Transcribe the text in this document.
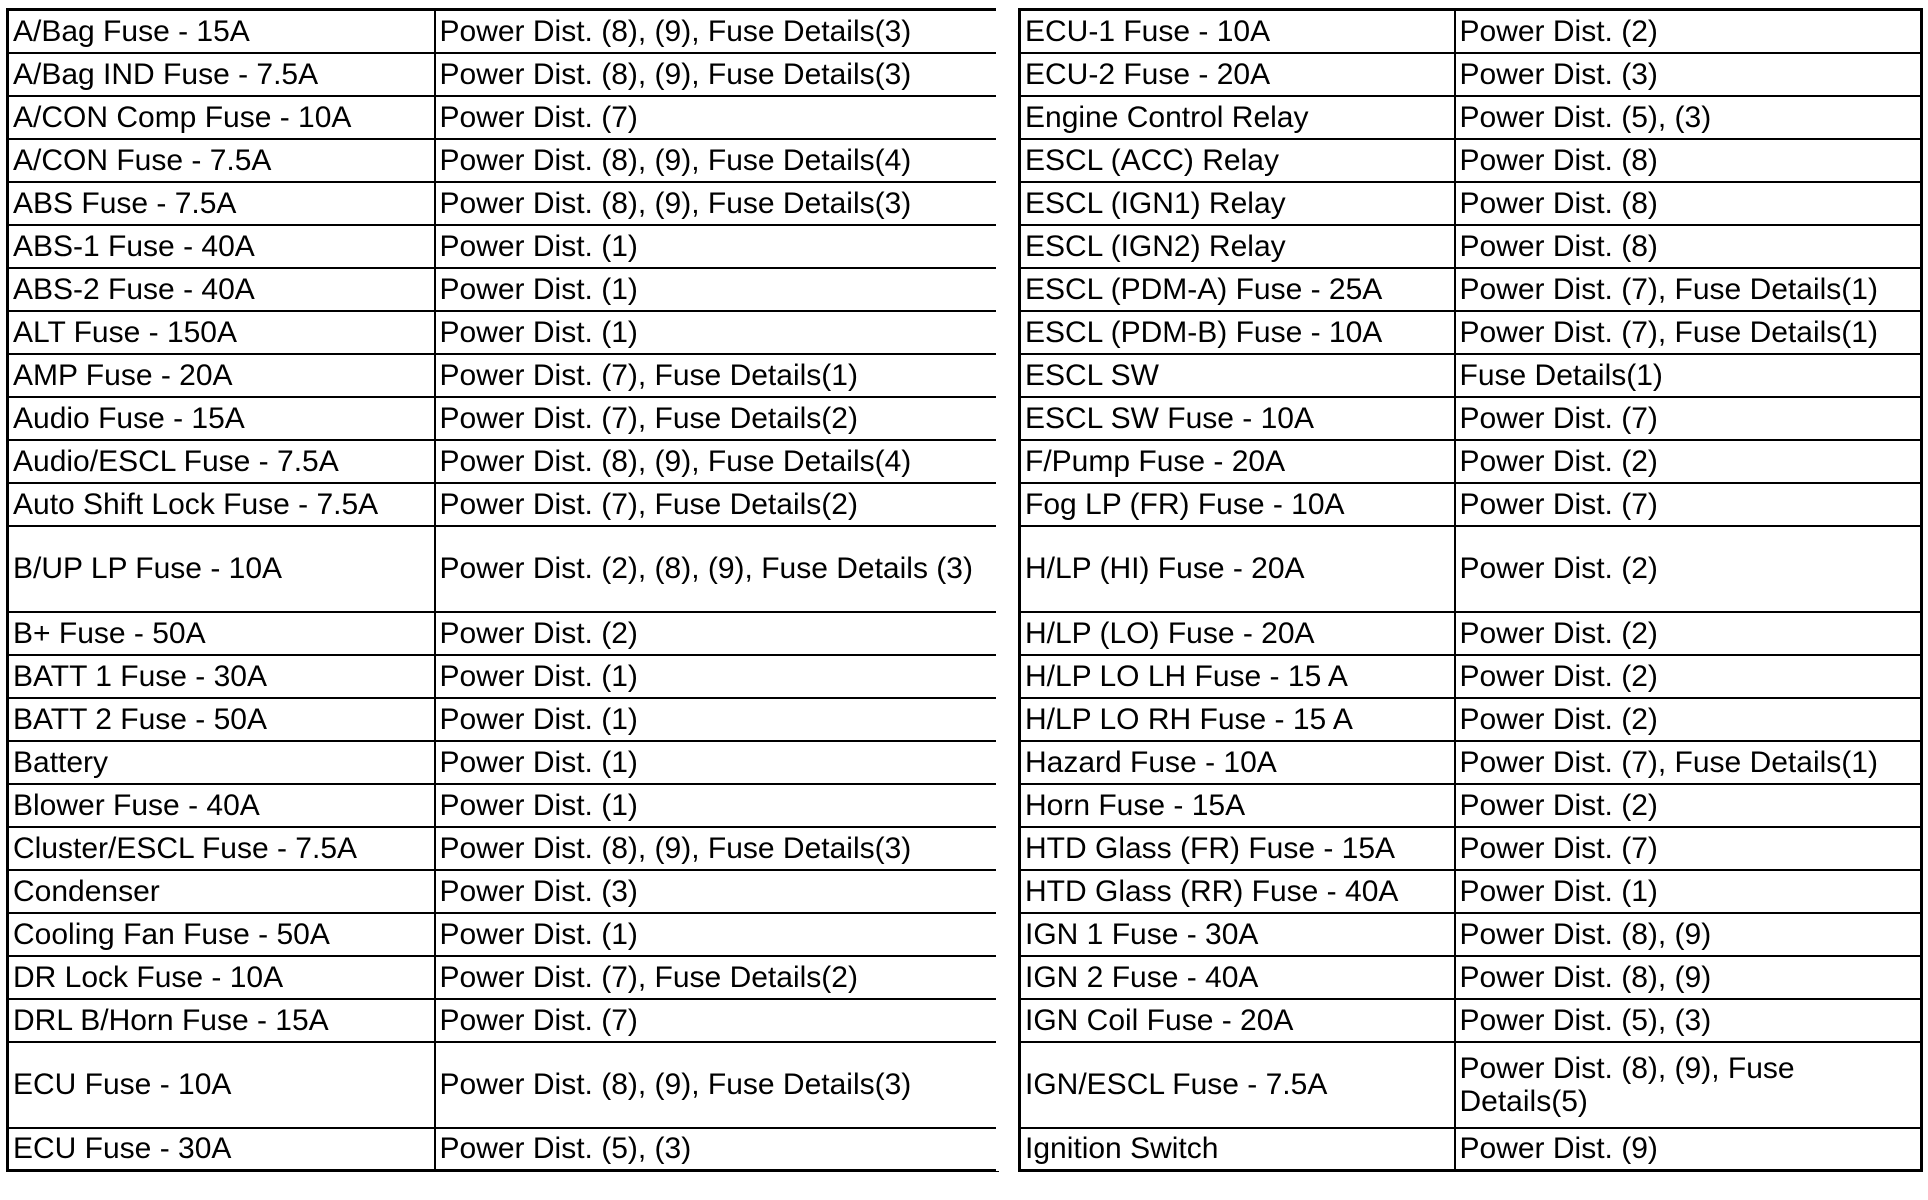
A/Bag Fuse - 15A	Power Dist. (8), (9), Fuse Details(3)
A/Bag IND Fuse - 7.5A	Power Dist. (8), (9), Fuse Details(3)
A/CON Comp Fuse - 10A	Power Dist. (7)
A/CON Fuse - 7.5A	Power Dist. (8), (9), Fuse Details(4)
ABS Fuse - 7.5A	Power Dist. (8), (9), Fuse Details(3)
ABS-1 Fuse - 40A	Power Dist. (1)
ABS-2 Fuse - 40A	Power Dist. (1)
ALT Fuse - 150A	Power Dist. (1)
AMP Fuse - 20A	Power Dist. (7), Fuse Details(1)
Audio Fuse - 15A	Power Dist. (7), Fuse Details(2)
Audio/ESCL Fuse - 7.5A	Power Dist. (8), (9), Fuse Details(4)
Auto Shift Lock Fuse - 7.5A	Power Dist. (7), Fuse Details(2)
B/UP LP Fuse - 10A	Power Dist. (2), (8), (9), Fuse Details (3)
B+ Fuse - 50A	Power Dist. (2)
BATT 1 Fuse - 30A	Power Dist. (1)
BATT 2 Fuse - 50A	Power Dist. (1)
Battery	Power Dist. (1)
Blower Fuse - 40A	Power Dist. (1)
Cluster/ESCL Fuse - 7.5A	Power Dist. (8), (9), Fuse Details(3)
Condenser	Power Dist. (3)
Cooling Fan Fuse - 50A	Power Dist. (1)
DR Lock Fuse - 10A	Power Dist. (7), Fuse Details(2)
DRL B/Horn Fuse - 15A	Power Dist. (7)
ECU Fuse - 10A	Power Dist. (8), (9), Fuse Details(3)
ECU Fuse - 30A	Power Dist. (5), (3)
ECU-1 Fuse - 10A	Power Dist. (2)
ECU-2 Fuse - 20A	Power Dist. (3)
Engine Control Relay	Power Dist. (5), (3)
ESCL (ACC) Relay	Power Dist. (8)
ESCL (IGN1) Relay	Power Dist. (8)
ESCL (IGN2) Relay	Power Dist. (8)
ESCL (PDM-A) Fuse - 25A	Power Dist. (7), Fuse Details(1)
ESCL (PDM-B) Fuse - 10A	Power Dist. (7), Fuse Details(1)
ESCL SW	Fuse Details(1)
ESCL SW Fuse - 10A	Power Dist. (7)
F/Pump Fuse - 20A	Power Dist. (2)
Fog LP (FR) Fuse - 10A	Power Dist. (7)
H/LP (HI) Fuse - 20A	Power Dist. (2)
H/LP (LO) Fuse - 20A	Power Dist. (2)
H/LP LO LH Fuse - 15 A	Power Dist. (2)
H/LP LO RH Fuse - 15 A	Power Dist. (2)
Hazard Fuse - 10A	Power Dist. (7), Fuse Details(1)
Horn Fuse - 15A	Power Dist. (2)
HTD Glass (FR) Fuse - 15A	Power Dist. (7)
HTD Glass (RR) Fuse - 40A	Power Dist. (1)
IGN 1 Fuse - 30A	Power Dist. (8), (9)
IGN 2 Fuse - 40A	Power Dist. (8), (9)
IGN Coil Fuse - 20A	Power Dist. (5), (3)
IGN/ESCL Fuse - 7.5A	Power Dist. (8), (9), Fuse Details(5)
Ignition Switch	Power Dist. (9)
